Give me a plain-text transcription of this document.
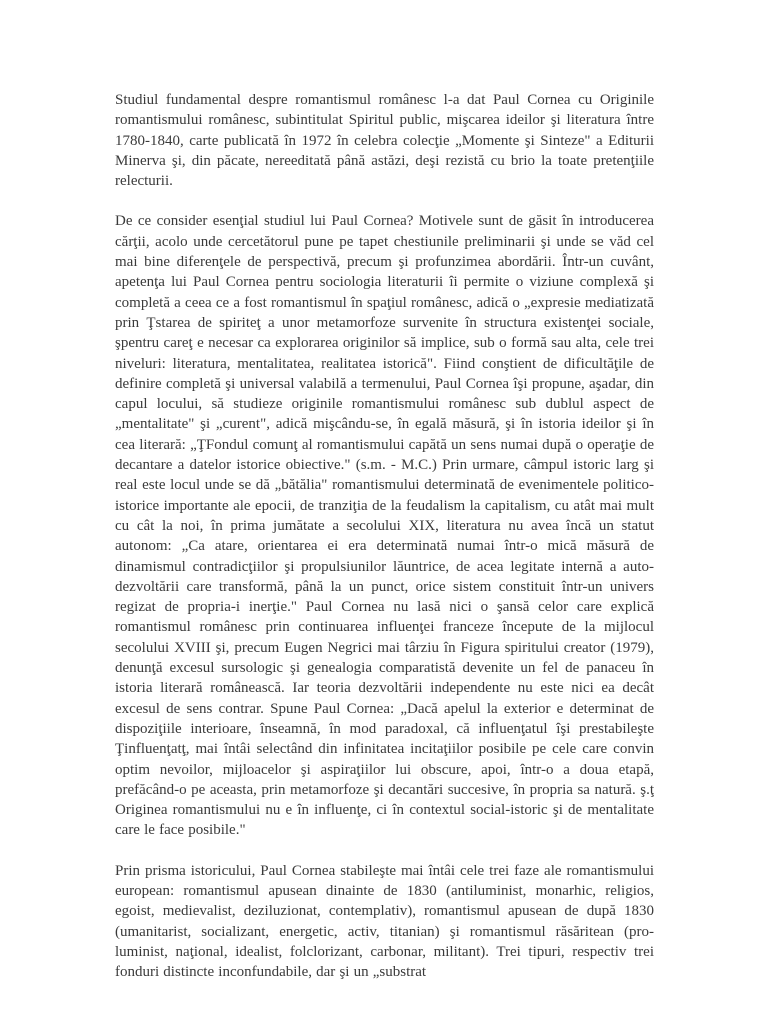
Studiul fundamental despre romantismul românesc l-a dat Paul Cornea cu Originile romantismului românesc, subintitulat Spiritul public, mişcarea ideilor şi literatura între 1780-1840, carte publicată în 1972 în celebra colecţie „Momente şi Sinteze" a Editurii Minerva şi, din păcate, nereeditată până astăzi, deşi rezistă cu brio la toate pretenţiile relecturii.

De ce consider esenţial studiul lui Paul Cornea? Motivele sunt de găsit în introducerea cărţii, acolo unde cercetătorul pune pe tapet chestiunile preliminarii şi unde se văd cel mai bine diferenţele de perspectivă, precum şi profunzimea abordării. Într-un cuvânt, apetenţa lui Paul Cornea pentru sociologia literaturii îi permite o viziune complexă şi completă a ceea ce a fost romantismul în spaţiul românesc, adică o „expresie mediatizată prin Ţstarea de spiriteţ a unor metamorfoze survenite în structura existenţei sociale, şpentru careţ e necesar ca explorarea originilor să implice, sub o formă sau alta, cele trei niveluri: literatura, mentalitatea, realitatea istorică". Fiind conştient de dificultăţile de definire completă şi universal valabilă a termenului, Paul Cornea îşi propune, aşadar, din capul locului, să studieze originile romantismului românesc sub dublul aspect de „mentalitate" şi „curent", adică mişcându-se, în egală măsură, şi în istoria ideilor şi în cea literară: „ŢFondul comunţ al romantismului capătă un sens numai după o operaţie de decantare a datelor istorice obiective." (s.m. - M.C.) Prin urmare, câmpul istoric larg şi real este locul unde se dă „bătălia" romantismului determinată de evenimentele politico-istorice importante ale epocii, de tranziţia de la feudalism la capitalism, cu atât mai mult cu cât la noi, în prima jumătate a secolului XIX, literatura nu avea încă un statut autonom: „Ca atare, orientarea ei era determinată numai într-o mică măsură de dinamismul contradicţiilor şi propulsiunilor lăuntrice, de acea legitate internă a auto-dezvoltării care transformă, până la un punct, orice sistem constituit într-un univers regizat de propria-i inerţie." Paul Cornea nu lasă nici o şansă celor care explică romantismul românesc prin continuarea influenţei franceze începute de la mijlocul secolului XVIII şi, precum Eugen Negrici mai târziu în Figura spiritului creator (1979), denunţă excesul sursologic şi genealogia comparatistă devenite un fel de panaceu în istoria literară românească. Iar teoria dezvoltării independente nu este nici ea decât excesul de sens contrar. Spune Paul Cornea: „Dacă apelul la exterior e determinat de dispoziţiile interioare, înseamnă, în mod paradoxal, că influenţatul îşi prestabileşte Ţinfluenţatţ, mai întâi selectând din infinitatea incitaţiilor posibile pe cele care convin optim nevoilor, mijloacelor şi aspiraţiilor lui obscure, apoi, într-o a doua etapă, prefăcând-o pe aceasta, prin metamorfoze şi decantări succesive, în propria sa natură. ş.ţ Originea romantismului nu e în influenţe, ci în contextul social-istoric şi de mentalitate care le face posibile."

Prin prisma istoricului, Paul Cornea stabileşte mai întâi cele trei faze ale romantismului european: romantismul apusean dinainte de 1830 (antiluminist, monarhic, religios, egoist, medievalist, deziluzionat, contemplativ), romantismul apusean de după 1830 (umanitarist, socializant, energetic, activ, titanian) şi romantismul răsăritean (pro-luminist, naţional, idealist, folclorizant, carbonar, militant). Trei tipuri, respectiv trei fonduri distincte inconfundabile, dar şi un „substrat
